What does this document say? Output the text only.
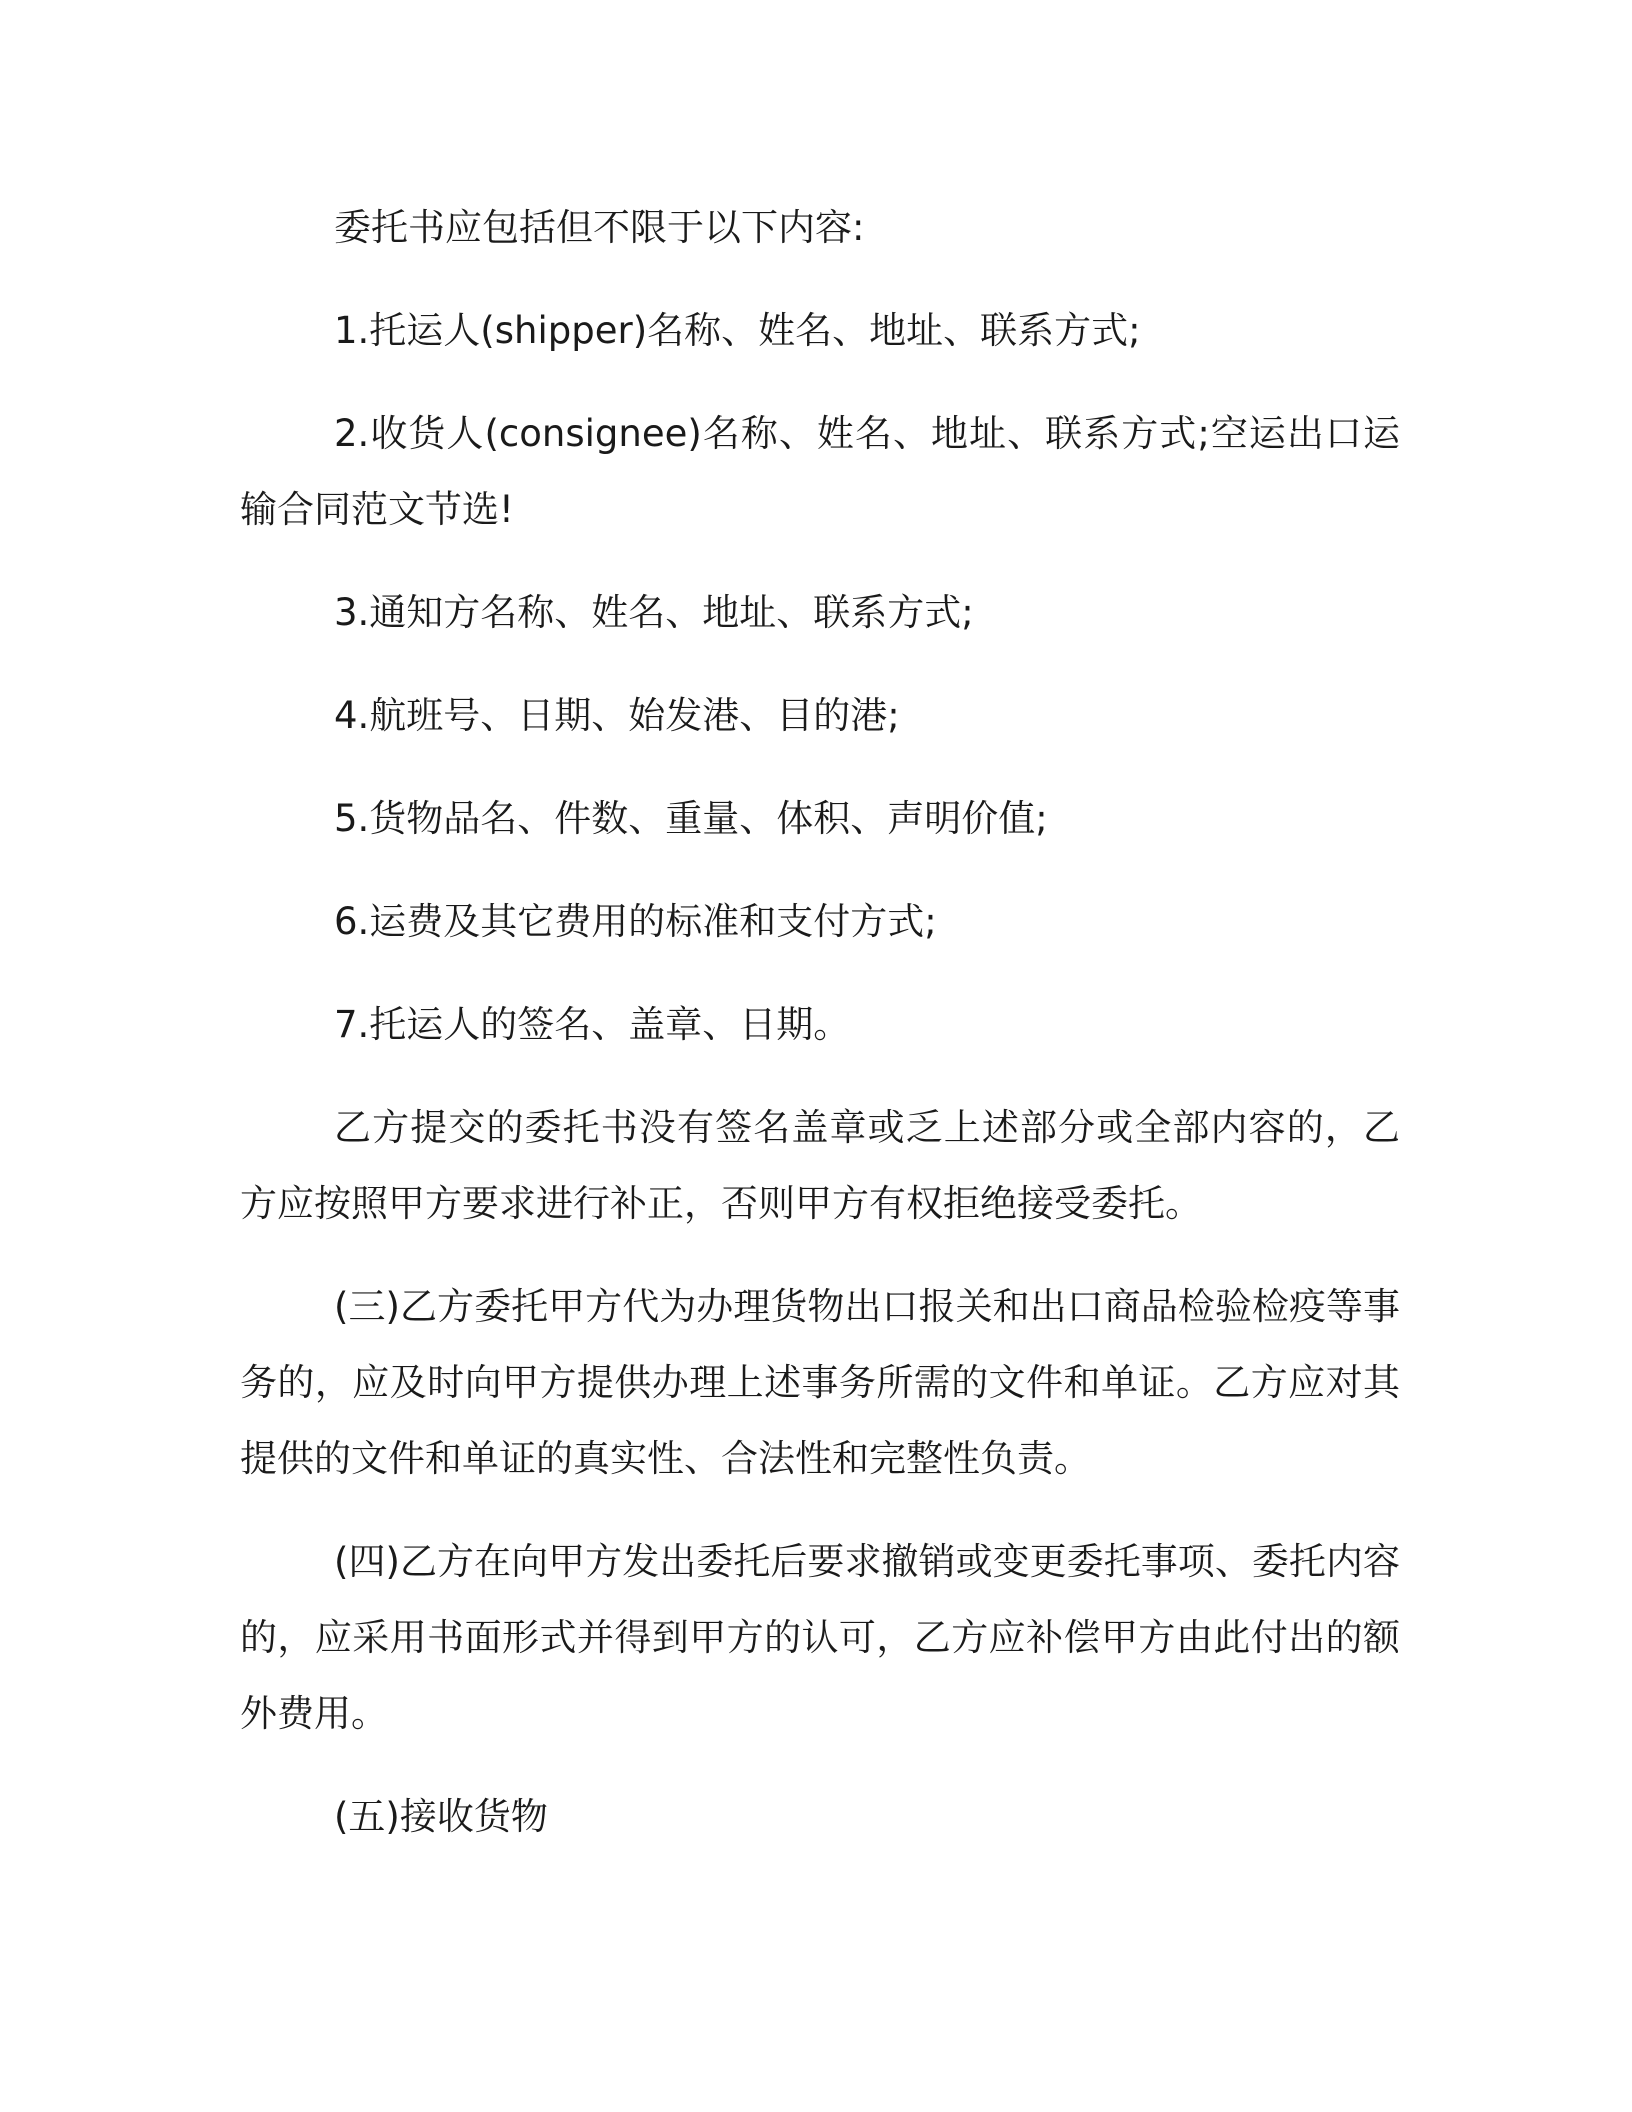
委托书应包括但不限于以下内容:

1.托运人(shipper)名称、姓名、地址、联系方式;

2.收货人(consignee)名称、姓名、地址、联系方式;空运出口运输合同范文节选!

3.通知方名称、姓名、地址、联系方式;

4.航班号、日期、始发港、目的港;

5.货物品名、件数、重量、体积、声明价值;

6.运费及其它费用的标准和支付方式;

7.托运人的签名、盖章、日期。

乙方提交的委托书没有签名盖章或乏上述部分或全部内容的，乙方应按照甲方要求进行补正，否则甲方有权拒绝接受委托。

(三)乙方委托甲方代为办理货物出口报关和出口商品检验检疫等事务的，应及时向甲方提供办理上述事务所需的文件和单证。乙方应对其提供的文件和单证的真实性、合法性和完整性负责。

(四)乙方在向甲方发出委托后要求撤销或变更委托事项、委托内容的，应采用书面形式并得到甲方的认可，乙方应补偿甲方由此付出的额外费用。

(五)接收货物
